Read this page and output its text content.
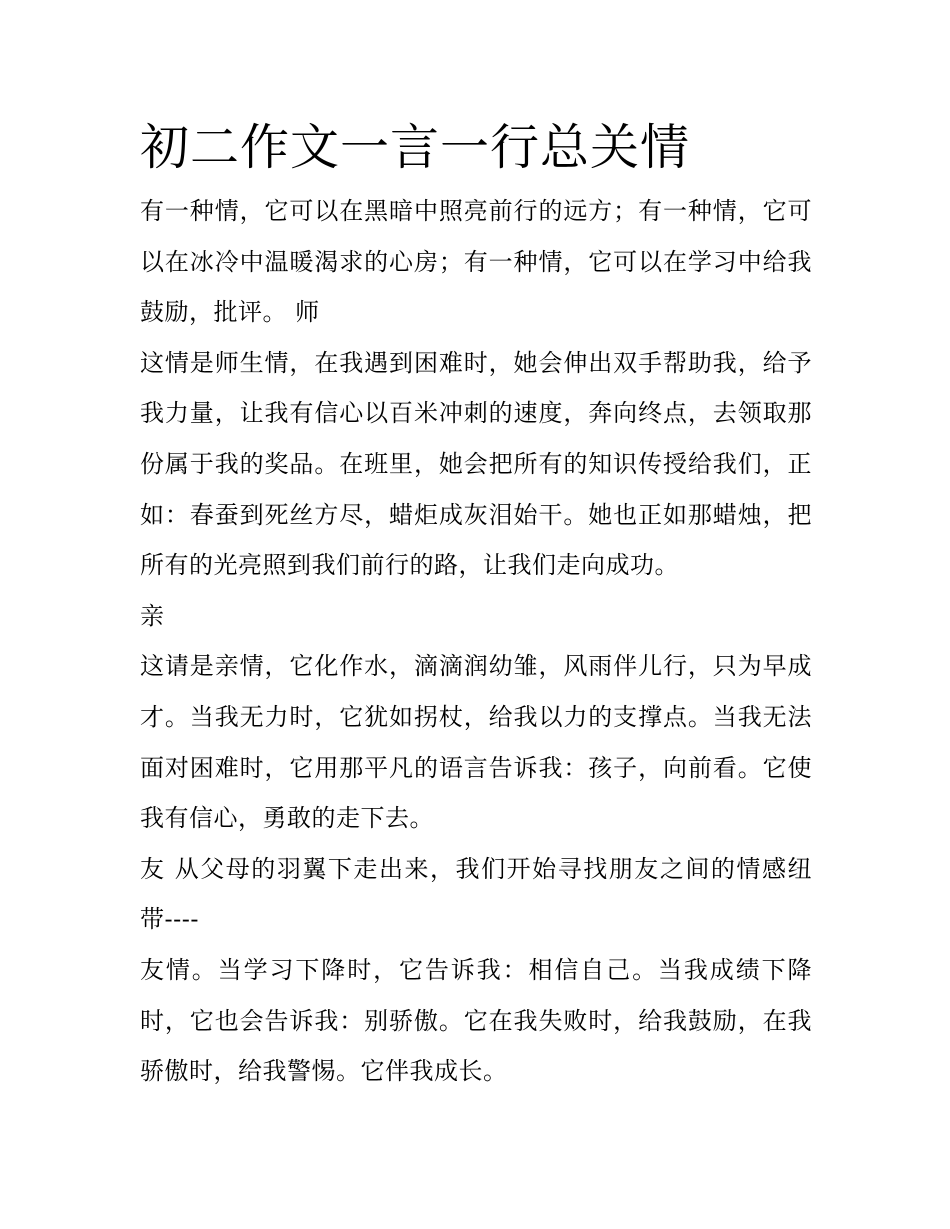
初二作文一言一行总关情

有一种情，它可以在黑暗中照亮前行的远方；有一种情，它可以在冰冷中温暖渴求的心房；有一种情，它可以在学习中给我鼓励，批评。 师

这情是师生情，在我遇到困难时，她会伸出双手帮助我，给予我力量，让我有信心以百米冲刺的速度，奔向终点，去领取那份属于我的奖品。在班里，她会把所有的知识传授给我们，正如：春蚕到死丝方尽，蜡炬成灰泪始干。她也正如那蜡烛，把所有的光亮照到我们前行的路，让我们走向成功。

亲

这请是亲情，它化作水，滴滴润幼雏，风雨伴儿行，只为早成才。当我无力时，它犹如拐杖，给我以力的支撑点。当我无法面对困难时，它用那平凡的语言告诉我：孩子，向前看。它使我有信心，勇敢的走下去。

友 从父母的羽翼下走出来，我们开始寻找朋友之间的情感纽带----

友情。当学习下降时，它告诉我：相信自己。当我成绩下降时，它也会告诉我：别骄傲。它在我失败时，给我鼓励，在我骄傲时，给我警惕。它伴我成长。
